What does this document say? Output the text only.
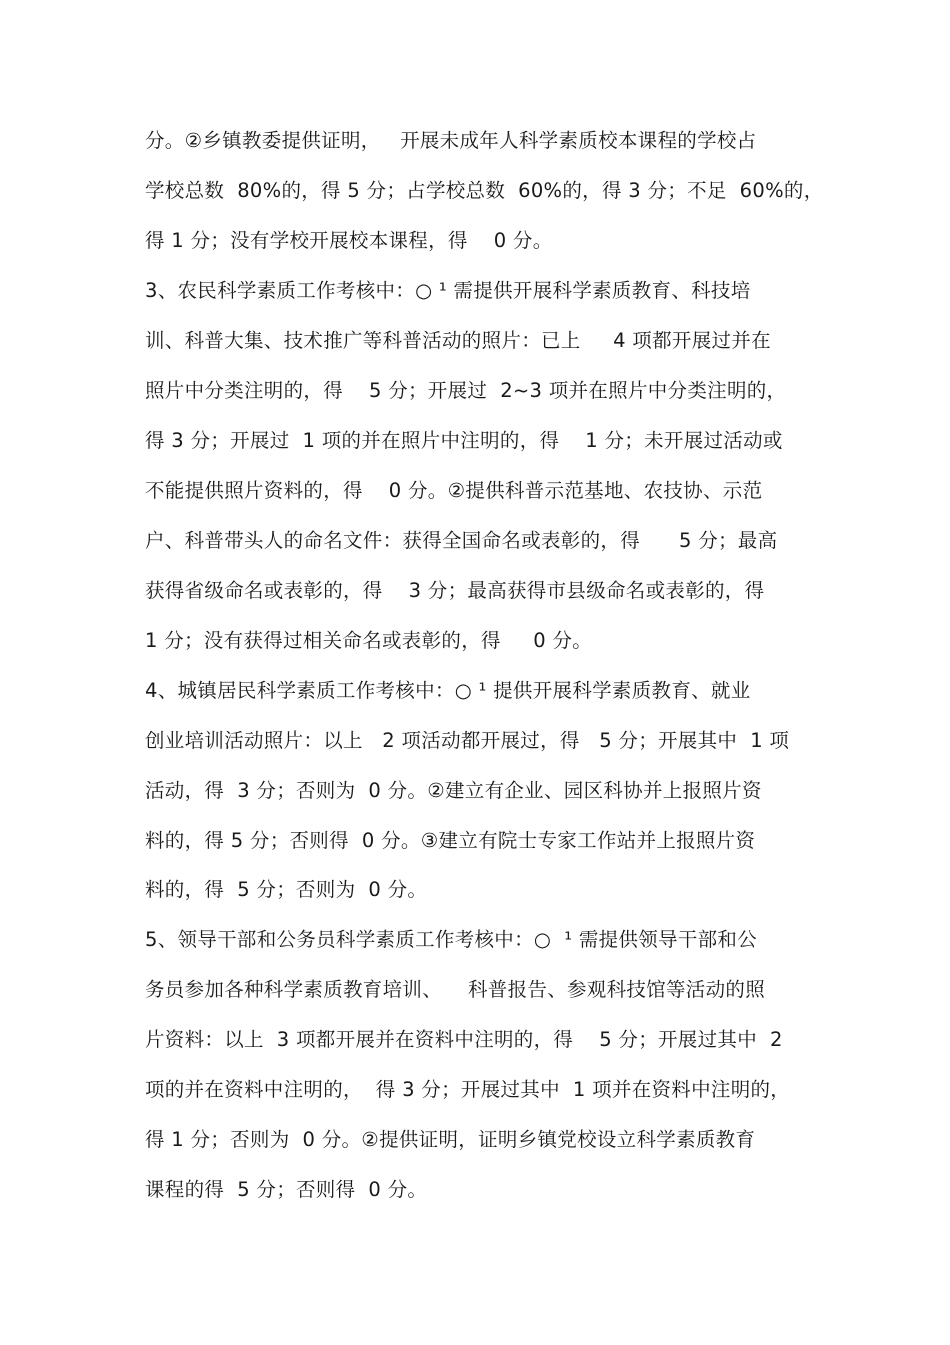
分。②乡镇教委提供证明，   开展未成年人科学素质校本课程的学校占
学校总数  80%的，得 5 分；占学校总数  60%的，得 3 分；不足  60%的，
得 1 分；没有学校开展校本课程，得    0 分。
3、农民科学素质工作考核中：○ ¹ 需提供开展科学素质教育、科技培
训、科普大集、技术推广等科普活动的照片：已上     4 项都开展过并在
照片中分类注明的，得    5 分；开展过  2~3 项并在照片中分类注明的，
得 3 分；开展过  1 项的并在照片中注明的，得    1 分；未开展过活动或
不能提供照片资料的，得    0 分。②提供科普示范基地、农技协、示范
户、科普带头人的命名文件：获得全国命名或表彰的，得      5 分；最高
获得省级命名或表彰的，得    3 分；最高获得市县级命名或表彰的，得
1 分；没有获得过相关命名或表彰的，得     0 分。
4、城镇居民科学素质工作考核中：○ ¹ 提供开展科学素质教育、就业
创业培训活动照片：以上   2 项活动都开展过，得   5 分；开展其中  1 项
活动，得  3 分；否则为  0 分。②建立有企业、园区科协并上报照片资
料的，得 5 分；否则得  0 分。③建立有院士专家工作站并上报照片资
料的，得  5 分；否则为  0 分。
5、领导干部和公务员科学素质工作考核中：○  ¹ 需提供领导干部和公
务员参加各种科学素质教育培训、    科普报告、参观科技馆等活动的照
片资料：以上  3 项都开展并在资料中注明的，得    5 分；开展过其中  2
项的并在资料中注明的，  得 3 分；开展过其中  1 项并在资料中注明的，
得 1 分；否则为  0 分。②提供证明，证明乡镇党校设立科学素质教育
课程的得  5 分；否则得  0 分。
